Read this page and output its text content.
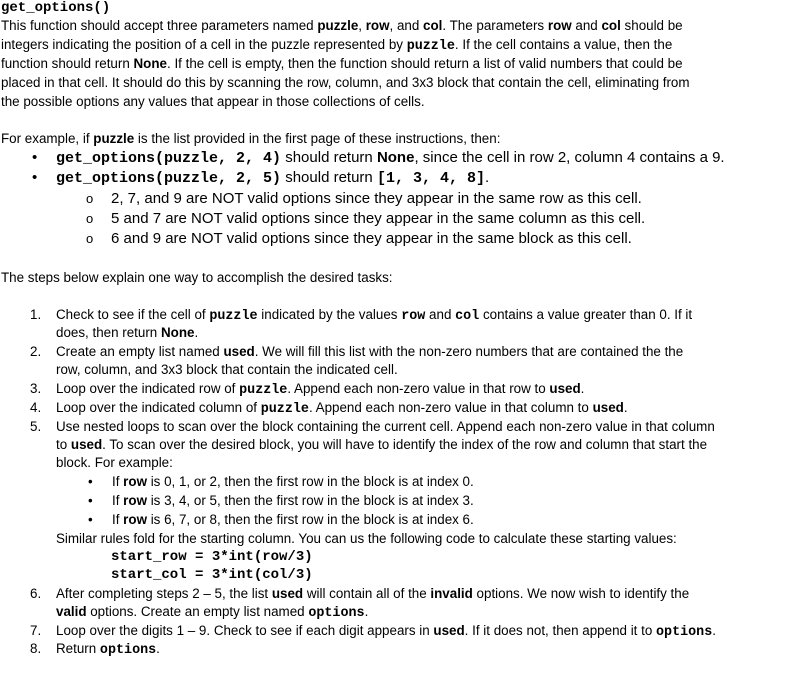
get_options()
This function should accept three parameters named puzzle, row, and col. The parameters row and col should be
integers indicating the position of a cell in the puzzle represented by puzzle. If the cell contains a value, then the
function should return None. If the cell is empty, then the function should return a list of valid numbers that could be
placed in that cell. It should do this by scanning the row, column, and 3x3 block that contain the cell, eliminating from
the possible options any values that appear in those collections of cells.
For example, if puzzle is the list provided in the first page of these instructions, then:
• get_options(puzzle, 2, 4) should return None, since the cell in row 2, column 4 contains a 9.
• get_options(puzzle, 2, 5) should return [1, 3, 4, 8].
o 2, 7, and 9 are NOT valid options since they appear in the same row as this cell.
o 5 and 7 are NOT valid options since they appear in the same column as this cell.
o 6 and 9 are NOT valid options since they appear in the same block as this cell.
The steps below explain one way to accomplish the desired tasks:
1. Check to see if the cell of puzzle indicated by the values row and col contains a value greater than 0. If it
does, then return None.
2. Create an empty list named used. We will fill this list with the non-zero numbers that are contained the the
row, column, and 3x3 block that contain the indicated cell.
3. Loop over the indicated row of puzzle. Append each non-zero value in that row to used.
4. Loop over the indicated column of puzzle. Append each non-zero value in that column to used.
5. Use nested loops to scan over the block containing the current cell. Append each non-zero value in that column
to used. To scan over the desired block, you will have to identify the index of the row and column that start the
block. For example:
• If row is 0, 1, or 2, then the first row in the block is at index 0.
• If row is 3, 4, or 5, then the first row in the block is at index 3.
• If row is 6, 7, or 8, then the first row in the block is at index 6.
Similar rules fold for the starting column. You can us the following code to calculate these starting values:
start_row = 3*int(row/3)
start_col = 3*int(col/3)
6. After completing steps 2 – 5, the list used will contain all of the invalid options. We now wish to identify the
valid options. Create an empty list named options.
7. Loop over the digits 1 – 9. Check to see if each digit appears in used. If it does not, then append it to options.
8. Return options.
